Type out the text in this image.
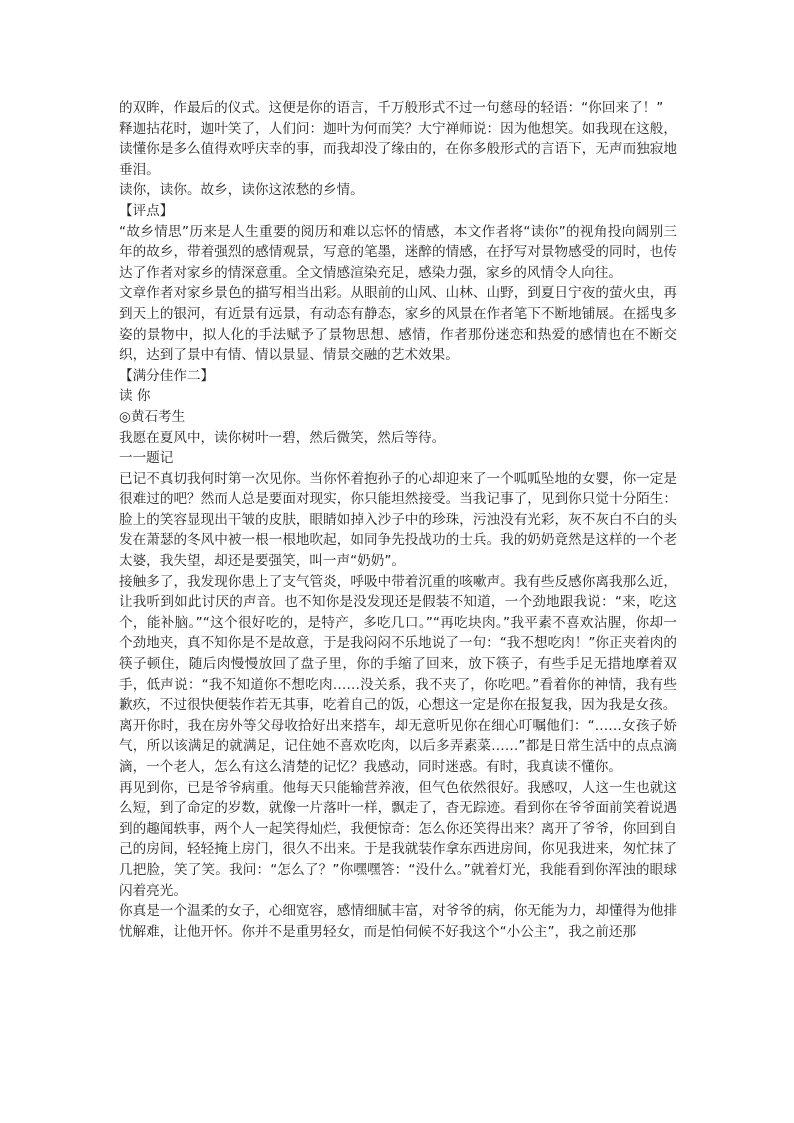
的双眸，作最后的仪式。这便是你的语言，千万般形式不过一句慈母的轻语：“你回来了！”

释迦拈花时，迦叶笑了，人们问：迦叶为何而笑？大宁禅师说：因为他想笑。如我现在这般，读懂你是多么值得欢呼庆幸的事，而我却没了缘由的，在你多般形式的言语下，无声而独寂地垂泪。

读你，读你。故乡，读你这浓愁的乡情。

【评点】

“故乡情思”历来是人生重要的阅历和难以忘怀的情感，本文作者将“读你”的视角投向阔别三年的故乡，带着强烈的感情观景，写意的笔墨，迷醉的情感，在抒写对景物感受的同时，也传达了作者对家乡的情深意重。全文情感渲染充足，感染力强，家乡的风情令人向往。

文章作者对家乡景色的描写相当出彩。从眼前的山风、山林、山野，到夏日宁夜的萤火虫，再到天上的银河，有近景有远景，有动态有静态，家乡的风景在作者笔下不断地铺展。在摇曳多姿的景物中，拟人化的手法赋予了景物思想、感情，作者那份迷恋和热爱的感情也在不断交织，达到了景中有情、情以景显、情景交融的艺术效果。

【满分佳作二】

读 你

◎黄石考生

我愿在夏风中，读你树叶一碧，然后微笑，然后等待。

一一题记

已记不真切我何时第一次见你。当你怀着抱孙子的心却迎来了一个呱呱坠地的女婴，你一定是很难过的吧？然而人总是要面对现实，你只能坦然接受。当我记事了，见到你只觉十分陌生：脸上的笑容显现出干皱的皮肤，眼睛如掉入沙子中的珍珠，污浊没有光彩，灰不灰白不白的头发在萧瑟的冬风中被一根一根地吹起，如同争先投战功的士兵。我的奶奶竟然是这样的一个老太婆，我失望，却还是要强笑，叫一声“奶奶”。

接触多了，我发现你患上了支气管炎，呼吸中带着沉重的咳嗽声。我有些反感你离我那么近，让我听到如此讨厌的声音。也不知你是没发现还是假装不知道，一个劲地跟我说：“来，吃这个，能补脑。”“这个很好吃的，是特产，多吃几口。”“再吃块肉。”我平素不喜欢沾腥，你却一个劲地夹，真不知你是不是故意，于是我闷闷不乐地说了一句：“我不想吃肉！”你正夹着肉的筷子顿住，随后肉慢慢放回了盘子里，你的手缩了回来，放下筷子，有些手足无措地摩着双手，低声说：“我不知道你不想吃肉……没关系，我不夹了，你吃吧。”看着你的神情，我有些歉疚，不过很快便装作若无其事，吃着自己的饭，心想这一定是你在报复我，因为我是女孩。

离开你时，我在房外等父母收拾好出来搭车，却无意听见你在细心叮嘱他们：“……女孩子娇气，所以该满足的就满足，记住她不喜欢吃肉，以后多弄素菜……”都是日常生活中的点点滴滴，一个老人，怎么有这么清楚的记忆？我感动，同时迷惑。有时，我真读不懂你。

再见到你，已是爷爷病重。他每天只能输营养液，但气色依然很好。我感叹，人这一生也就这么短，到了命定的岁数，就像一片落叶一样，飘走了，杳无踪迹。看到你在爷爷面前笑着说遇到的趣闻轶事，两个人一起笑得灿烂，我便惊奇：怎么你还笑得出来？离开了爷爷，你回到自己的房间，轻轻掩上房门，很久不出来。于是我就装作拿东西进房间，你见我进来，匆忙抹了几把脸，笑了笑。我问：“怎么了？”你嘿嘿答：“没什么。”就着灯光，我能看到你浑浊的眼球闪着亮光。

你真是一个温柔的女子，心细宽容，感情细腻丰富，对爷爷的病，你无能为力，却懂得为他排忧解难，让他开怀。你并不是重男轻女，而是怕伺候不好我这个“小公主”，我之前还那
